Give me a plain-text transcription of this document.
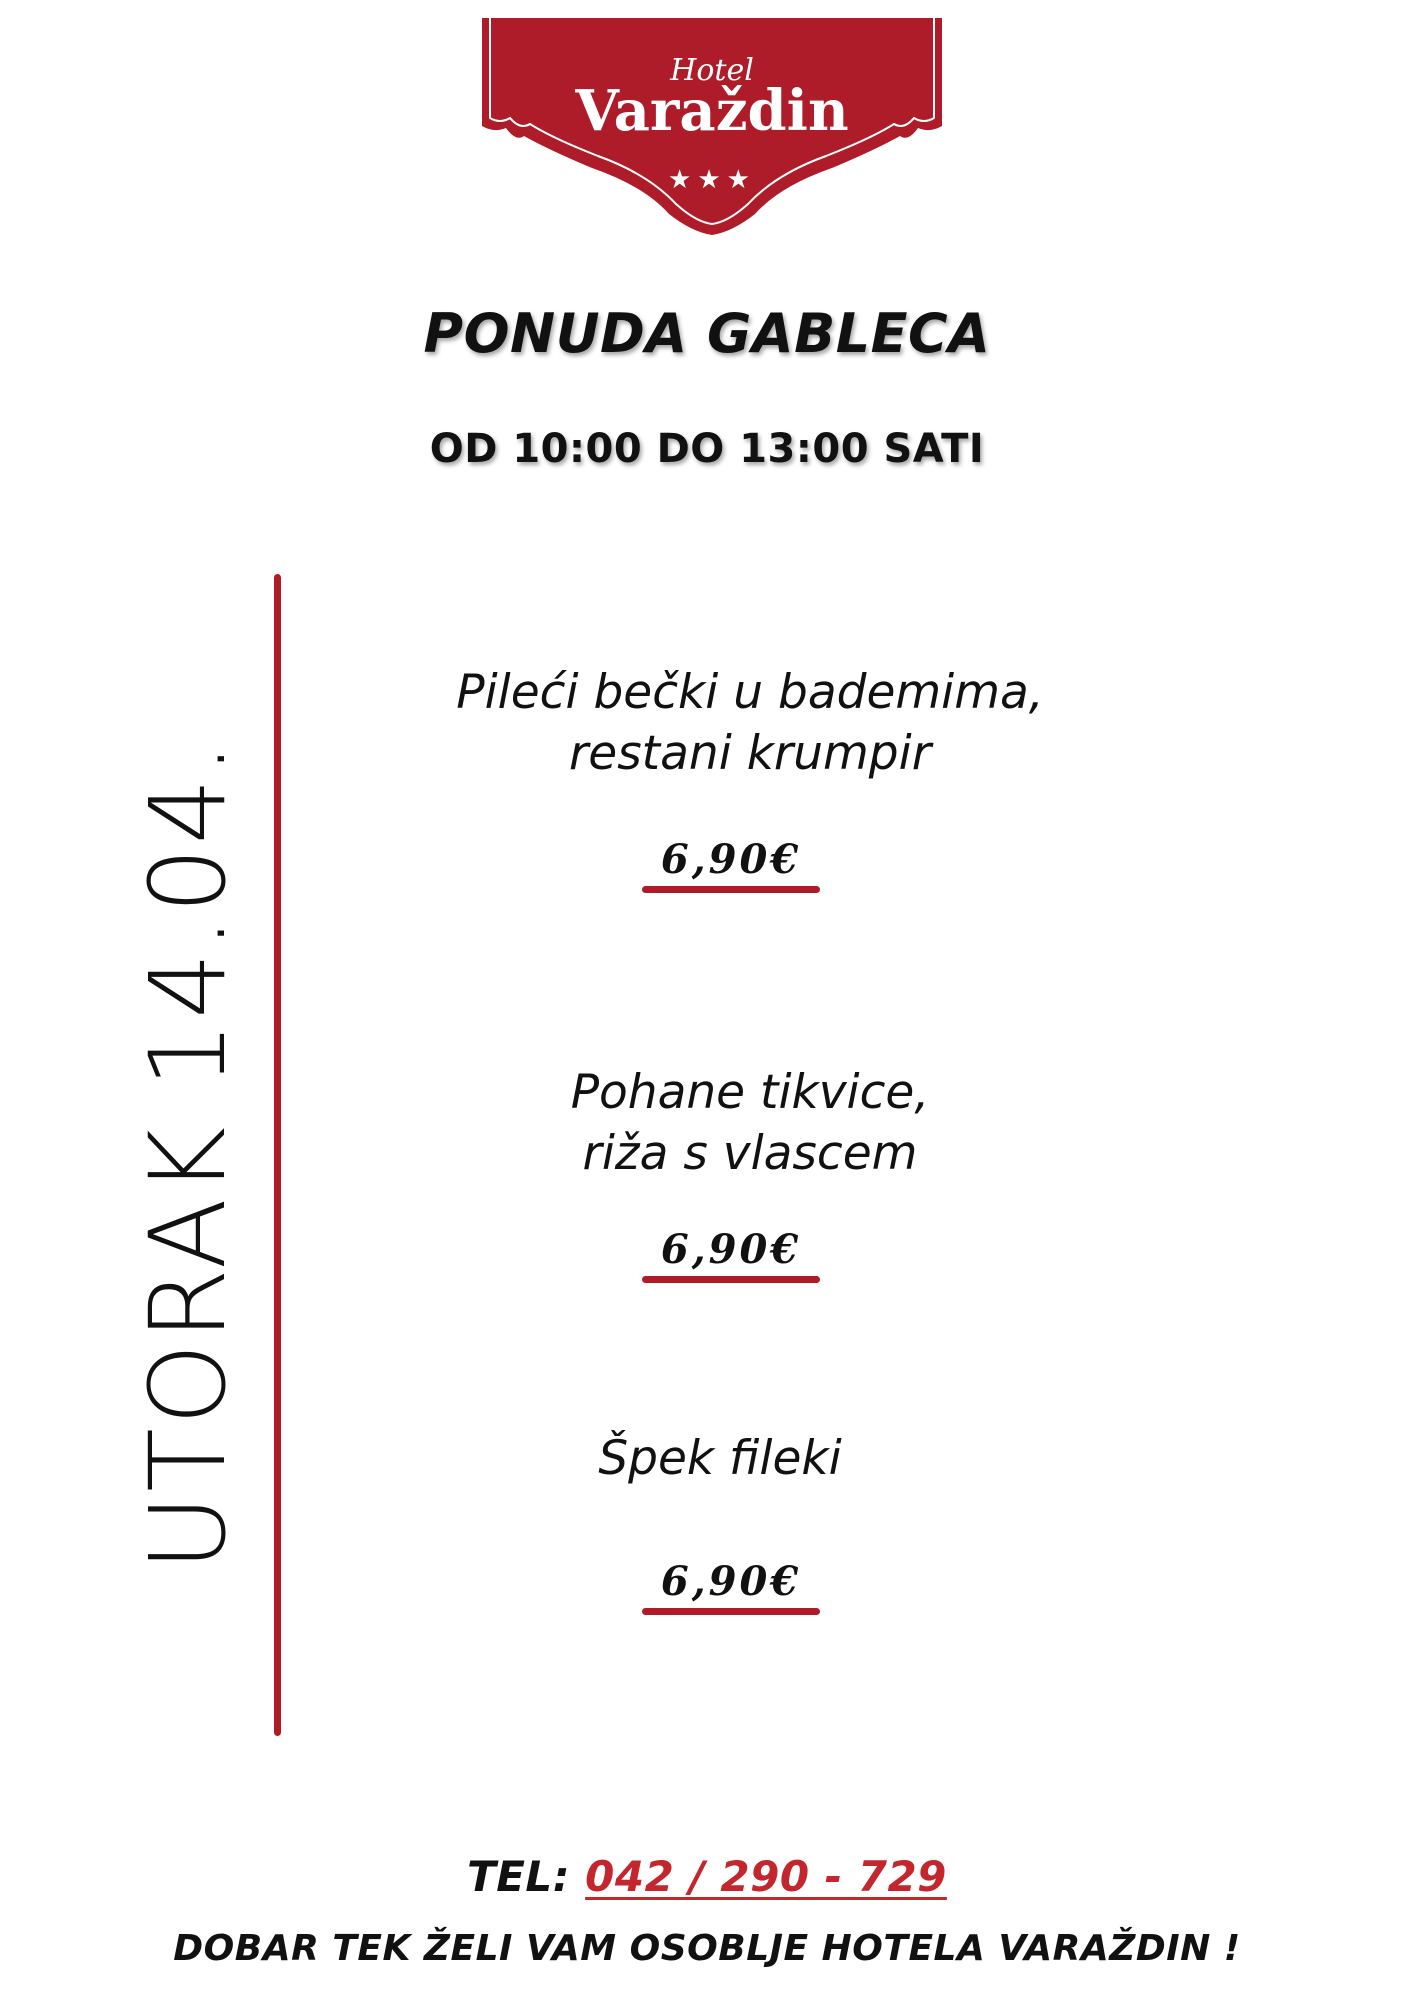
Hotel
Varaždin
★★★
PONUDA GABLECA
OD 10:00 DO 13:00 SATI
UTORAK 14.04.
Pileći bečki u bademima,
restani krumpir
6,90€
Pohane tikvice,
riža s vlascem
6,90€
Špek fileki
6,90€
TEL: 042 / 290 - 729
DOBAR TEK ŽELI VAM OSOBLJE HOTELA VARAŽDIN !
